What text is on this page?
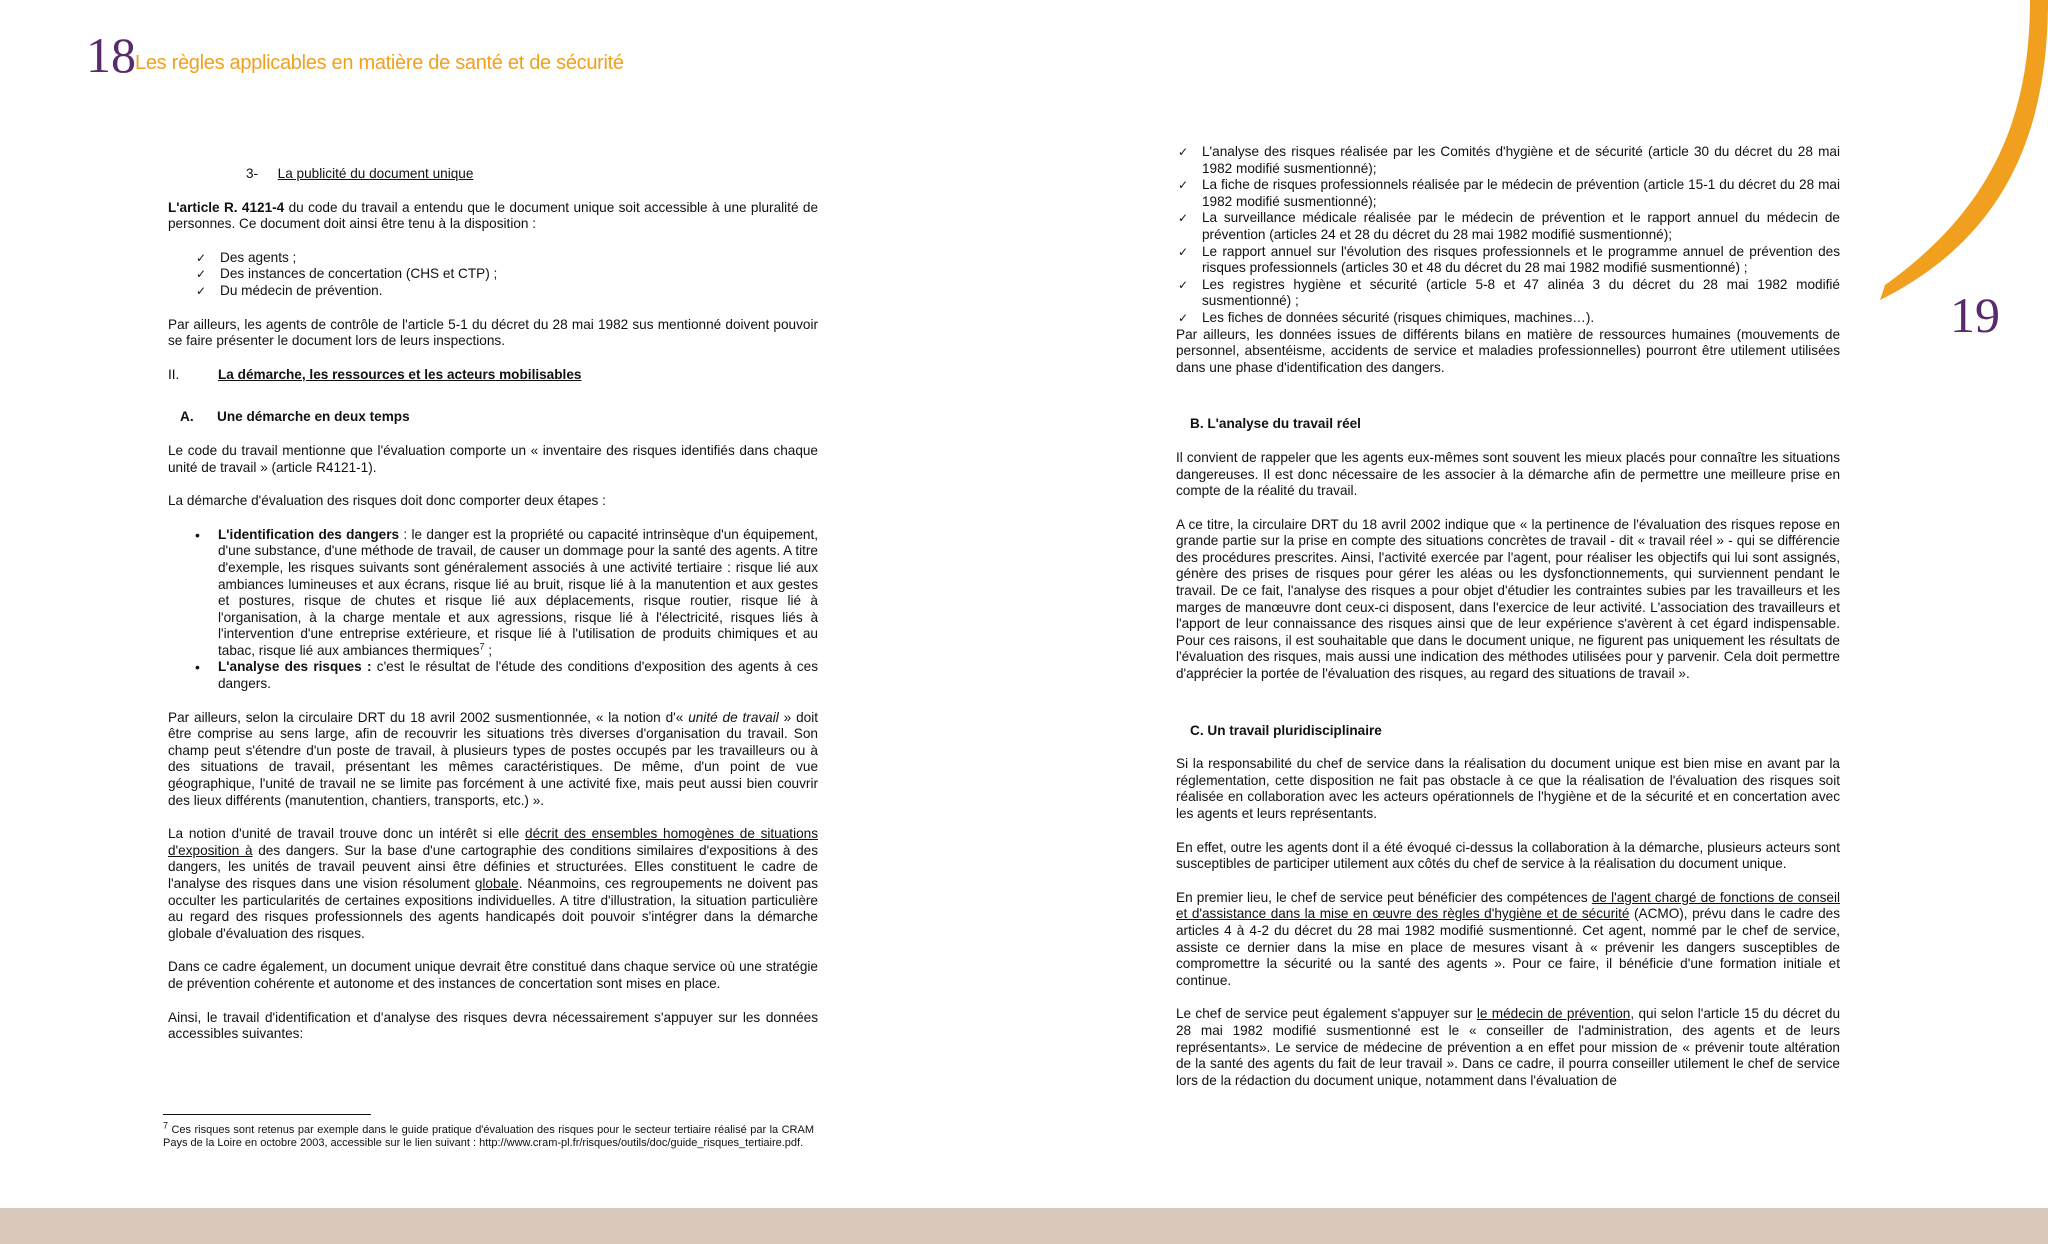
18 Les règles applicables en matière de santé et de sécurité
3- La publicité du document unique

L'article R. 4121-4 du code du travail a entendu que le document unique soit accessible à une pluralité de personnes. Ce document doit ainsi être tenu à la disposition :

✓ Des agents ;
✓ Des instances de concertation (CHS et CTP) ;
✓ Du médecin de prévention.

Par ailleurs, les agents de contrôle de l'article 5-1 du décret du 28 mai 1982 sus mentionné doivent pouvoir se faire présenter le document lors de leurs inspections.

II.	La démarche, les ressources et les acteurs mobilisables
A. Une démarche en deux temps

Le code du travail mentionne que l'évaluation comporte un « inventaire des risques identifiés dans chaque unité de travail » (article R4121-1).

La démarche d'évaluation des risques doit donc comporter deux étapes :

• L'identification des dangers : le danger est la propriété ou capacité intrinsèque d'un équipement, d'une substance, d'une méthode de travail, de causer un dommage pour la santé des agents. A titre d'exemple, les risques suivants sont généralement associés à une activité tertiaire : risque lié aux ambiances lumineuses et aux écrans, risque lié au bruit, risque lié à la manutention et aux gestes et postures, risque de chutes et risque lié aux déplacements, risque routier, risque lié à l'organisation, à la charge mentale et aux agressions, risque lié à l'électricité, risques liés à l'intervention d'une entreprise extérieure, et risque lié à l'utilisation de produits chimiques et au tabac, risque lié aux ambiances thermiques$^7$ ;
• L'analyse des risques : c'est le résultat de l'étude des conditions d'exposition des agents à ces dangers.

Par ailleurs, selon la circulaire DRT du 18 avril 2002 susmentionnée, « la notion d'« unité de travail » doit être comprise au sens large, afin de recouvrir les situations très diverses d'organisation du travail. Son champ peut s'étendre d'un poste de travail, à plusieurs types de postes occupés par les travailleurs ou à des situations de travail, présentant les mêmes caractéristiques. De même, d'un point de vue géographique, l'unité de travail ne se limite pas forcément à une activité fixe, mais peut aussi bien couvrir des lieux différents (manutention, chantiers, transports, etc.) ».

La notion d'unité de travail trouve donc un intérêt si elle décrit des ensembles homogènes de situations d'exposition à des dangers. Sur la base d'une cartographie des conditions similaires d'expositions à des dangers, les unités de travail peuvent ainsi être définies et structurées. Elles constituent le cadre de l'analyse des risques dans une vision résolument globale. Néanmoins, ces regroupements ne doivent pas occulter les particularités de certaines expositions individuelles. A titre d'illustration, la situation particulière au regard des risques professionnels des agents handicapés doit pouvoir s'intégrer dans la démarche globale d'évaluation des risques.

Dans ce cadre également, un document unique devrait être constitué dans chaque service où une stratégie de prévention cohérente et autonome et des instances de concertation sont mises en place.

Ainsi, le travail d'identification et d'analyse des risques devra nécessairement s'appuyer sur les données accessibles suivantes:

$^7$ Ces risques sont retenus par exemple dans le guide pratique d'évaluation des risques pour le secteur tertiaire réalisé par la CRAM Pays de la Loire en octobre 2003, accessible sur le lien suivant : http://www.cram-pl.fr/risques/outils/doc/guide_risques_tertiaire.pdf.
19
✓ L'analyse des risques réalisée par les Comités d'hygiène et de sécurité (article 30 du décret du 28 mai 1982 modifié susmentionné);
✓ La fiche de risques professionnels réalisée par le médecin de prévention (article 15-1 du décret du 28 mai 1982 modifié susmentionné);
✓ La surveillance médicale réalisée par le médecin de prévention et le rapport annuel du médecin de prévention (articles 24 et 28 du décret du 28 mai 1982 modifié susmentionné);
✓ Le rapport annuel sur l'évolution des risques professionnels et le programme annuel de prévention des risques professionnels (articles 30 et 48 du décret du 28 mai 1982 modifié susmentionné) ;
✓ Les registres hygiène et sécurité (article 5-8 et 47 alinéa 3 du décret du 28 mai 1982 modifié susmentionné) ;
✓ Les fiches de données sécurité (risques chimiques, machines…).

Par ailleurs, les données issues de différents bilans en matière de ressources humaines (mouvements de personnel, absentéisme, accidents de service et maladies professionnelles) pourront être utilement utilisées dans une phase d'identification des dangers.

B. L'analyse du travail réel

Il convient de rappeler que les agents eux-mêmes sont souvent les mieux placés pour connaître les situations dangereuses. Il est donc nécessaire de les associer à la démarche afin de permettre une meilleure prise en compte de la réalité du travail.

A ce titre, la circulaire DRT du 18 avril 2002 indique que « la pertinence de l'évaluation des risques repose en grande partie sur la prise en compte des situations concrètes de travail - dit « travail réel » - qui se différencie des procédures prescrites. Ainsi, l'activité exercée par l'agent, pour réaliser les objectifs qui lui sont assignés, génère des prises de risques pour gérer les aléas ou les dysfonctionnements, qui surviennent pendant le travail. De ce fait, l'analyse des risques a pour objet d'étudier les contraintes subies par les travailleurs et les marges de manœuvre dont ceux-ci disposent, dans l'exercice de leur activité. L'association des travailleurs et l'apport de leur connaissance des risques ainsi que de leur expérience s'avèrent à cet égard indispensable. Pour ces raisons, il est souhaitable que dans le document unique, ne figurent pas uniquement les résultats de l'évaluation des risques, mais aussi une indication des méthodes utilisées pour y parvenir. Cela doit permettre d'apprécier la portée de l'évaluation des risques, au regard des situations de travail ».

C. Un travail pluridisciplinaire

Si la responsabilité du chef de service dans la réalisation du document unique est bien mise en avant par la réglementation, cette disposition ne fait pas obstacle à ce que la réalisation de l'évaluation des risques soit réalisée en collaboration avec les acteurs opérationnels de l'hygiène et de la sécurité et en concertation avec les agents et leurs représentants.

En effet, outre les agents dont il a été évoqué ci-dessus la collaboration à la démarche, plusieurs acteurs sont susceptibles de participer utilement aux côtés du chef de service à la réalisation du document unique.

En premier lieu, le chef de service peut bénéficier des compétences de l'agent chargé de fonctions de conseil et d'assistance dans la mise en œuvre des règles d'hygiène et de sécurité (ACMO), prévu dans le cadre des articles 4 à 4-2 du décret du 28 mai 1982 modifié susmentionné. Cet agent, nommé par le chef de service, assiste ce dernier dans la mise en place de mesures visant à « prévenir les dangers susceptibles de compromettre la sécurité ou la santé des agents ». Pour ce faire, il bénéficie d'une formation initiale et continue.

Le chef de service peut également s'appuyer sur le médecin de prévention, qui selon l'article 15 du décret du 28 mai 1982 modifié susmentionné est le « conseiller de l'administration, des agents et de leurs représentants». Le service de médecine de prévention a en effet pour mission de « prévenir toute altération de la santé des agents du fait de leur travail ». Dans ce cadre, il pourra conseiller utilement le chef de service lors de la rédaction du document unique, notamment dans l'évaluation de
